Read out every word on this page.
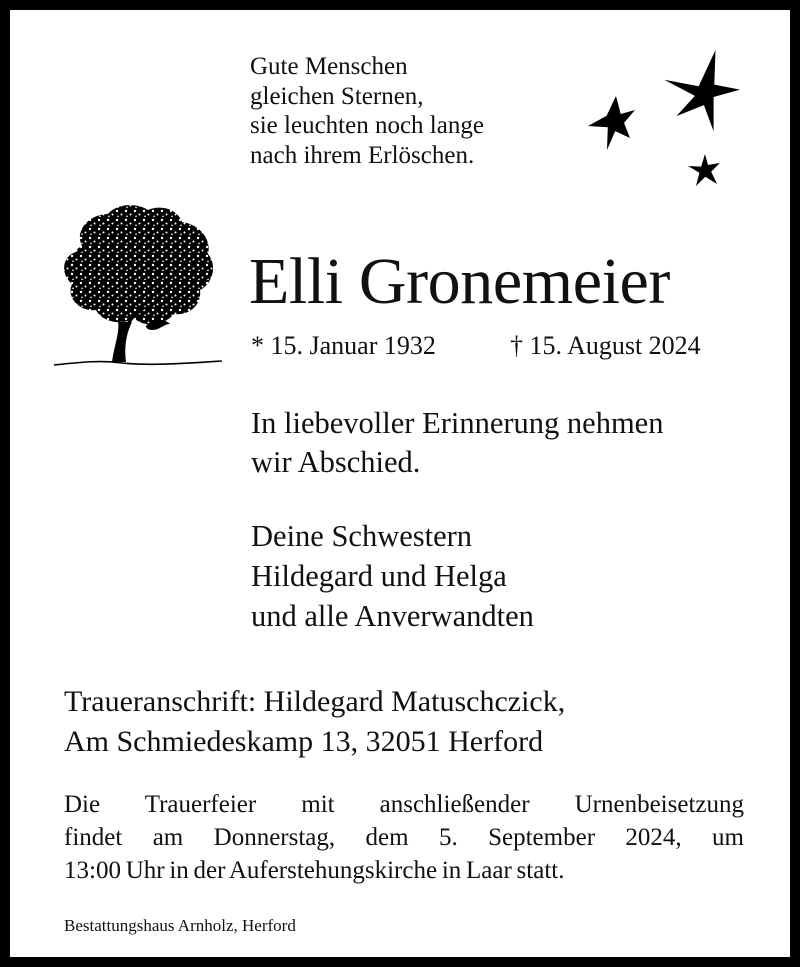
Gute Menschen
gleichen Sternen,
sie leuchten noch lange
nach ihrem Erlöschen.
Elli Gronemeier
* 15. Januar 1932	† 15. August 2024
In liebevoller Erinnerung nehmen
wir Abschied.
Deine Schwestern
Hildegard und Helga
und alle Anverwandten
Traueranschrift: Hildegard Matuschczick,
Am Schmiedeskamp 13, 32051 Herford
Die Trauerfeier mit anschließender Urnenbeisetzung
findet am Donnerstag, dem 5. September 2024, um
13:00 Uhr in der Auferstehungskirche in Laar statt.
Bestattungshaus Arnholz, Herford
